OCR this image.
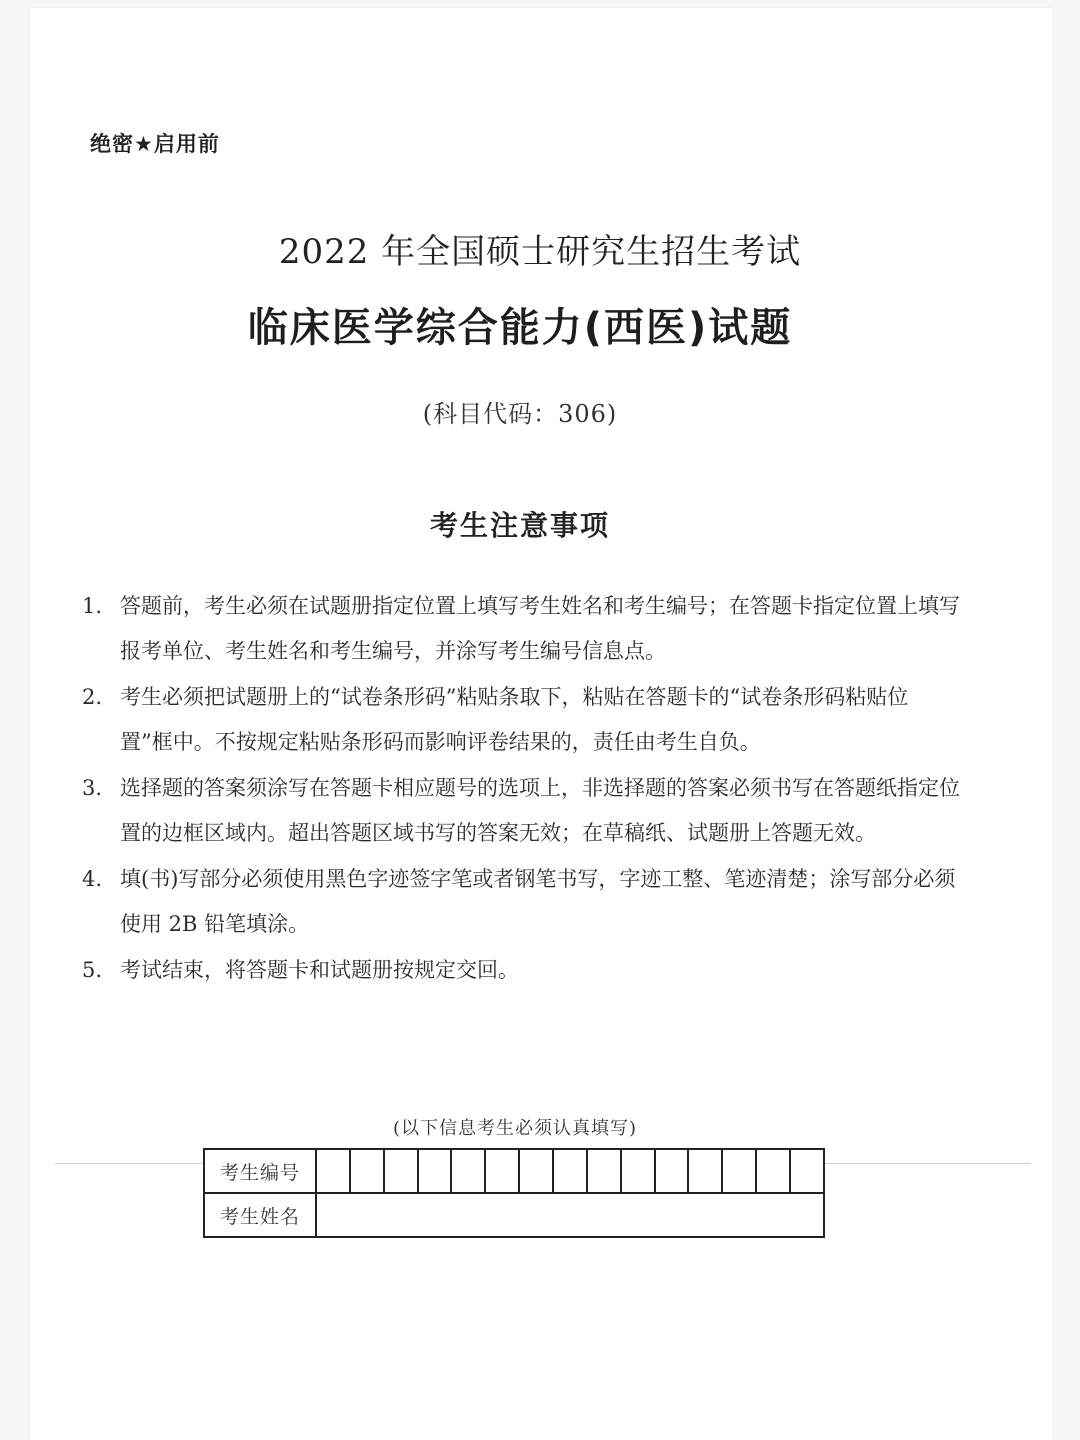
绝密★启用前
2022 年全国硕士研究生招生考试
临床医学综合能力(西医)试题
(科目代码：306)
考生注意事项
1. 答题前，考生必须在试题册指定位置上填写考生姓名和考生编号；在答题卡指定位置上填写报考单位、考生姓名和考生编号，并涂写考生编号信息点。
2. 考生必须把试题册上的“试卷条形码”粘贴条取下，粘贴在答题卡的“试卷条形码粘贴位置”框中。不按规定粘贴条形码而影响评卷结果的，责任由考生自负。
3. 选择题的答案须涂写在答题卡相应题号的选项上，非选择题的答案必须书写在答题纸指定位置的边框区域内。超出答题区域书写的答案无效；在草稿纸、试题册上答题无效。
4. 填(书)写部分必须使用黑色字迹签字笔或者钢笔书写，字迹工整、笔迹清楚；涂写部分必须使用 2B 铅笔填涂。
5. 考试结束，将答题卡和试题册按规定交回。
(以下信息考生必须认真填写)
考生编号															
考生姓名															
